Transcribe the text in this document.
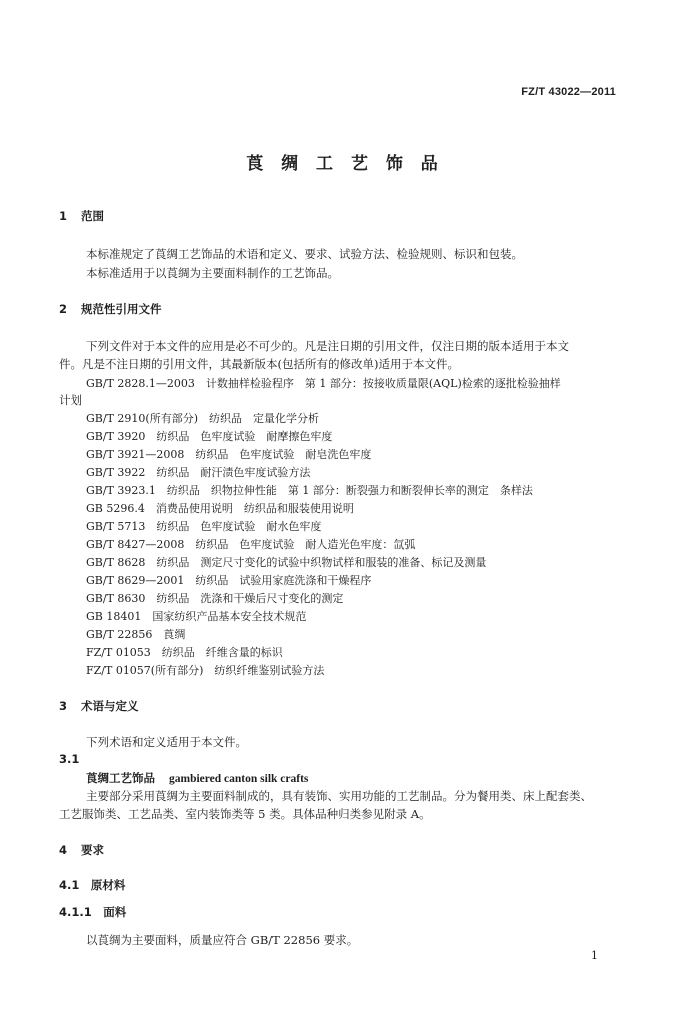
FZ/T 43022—2011
莨 绸 工 艺 饰 品
1 范围
本标准规定了莨绸工艺饰品的术语和定义、要求、试验方法、检验规则、标识和包装。
本标准适用于以莨绸为主要面料制作的工艺饰品。
2 规范性引用文件
下列文件对于本文件的应用是必不可少的。凡是注日期的引用文件，仅注日期的版本适用于本文
件。凡是不注日期的引用文件，其最新版本(包括所有的修改单)适用于本文件。
GB/T 2828.1—2003　计数抽样检验程序　第 1 部分：按接收质量限(AQL)检索的逐批检验抽样
计划
GB/T 2910(所有部分)　纺织品　定量化学分析
GB/T 3920　纺织品　色牢度试验　耐摩擦色牢度
GB/T 3921—2008　纺织品　色牢度试验　耐皂洗色牢度
GB/T 3922　纺织品　耐汗渍色牢度试验方法
GB/T 3923.1　纺织品　织物拉伸性能　第 1 部分：断裂强力和断裂伸长率的测定　条样法
GB 5296.4　消费品使用说明　纺织品和服装使用说明
GB/T 5713　纺织品　色牢度试验　耐水色牢度
GB/T 8427—2008　纺织品　色牢度试验　耐人造光色牢度：氙弧
GB/T 8628　纺织品　测定尺寸变化的试验中织物试样和服装的准备、标记及测量
GB/T 8629—2001　纺织品　试验用家庭洗涤和干燥程序
GB/T 8630　纺织品　洗涤和干燥后尺寸变化的测定
GB 18401　国家纺织产品基本安全技术规范
GB/T 22856　莨绸
FZ/T 01053　纺织品　纤维含量的标识
FZ/T 01057(所有部分)　纺织纤维鉴别试验方法
3 术语与定义
下列术语和定义适用于本文件。
3.1
莨绸工艺饰品 gambiered canton silk crafts
主要部分采用莨绸为主要面料制成的，具有装饰、实用功能的工艺制品。分为餐用类、床上配套类、
工艺服饰类、工艺品类、室内装饰类等 5 类。具体品种归类参见附录 A。
4 要求
4.1　原材料
4.1.1　面料
以莨绸为主要面料，质量应符合 GB/T 22856 要求。
1
